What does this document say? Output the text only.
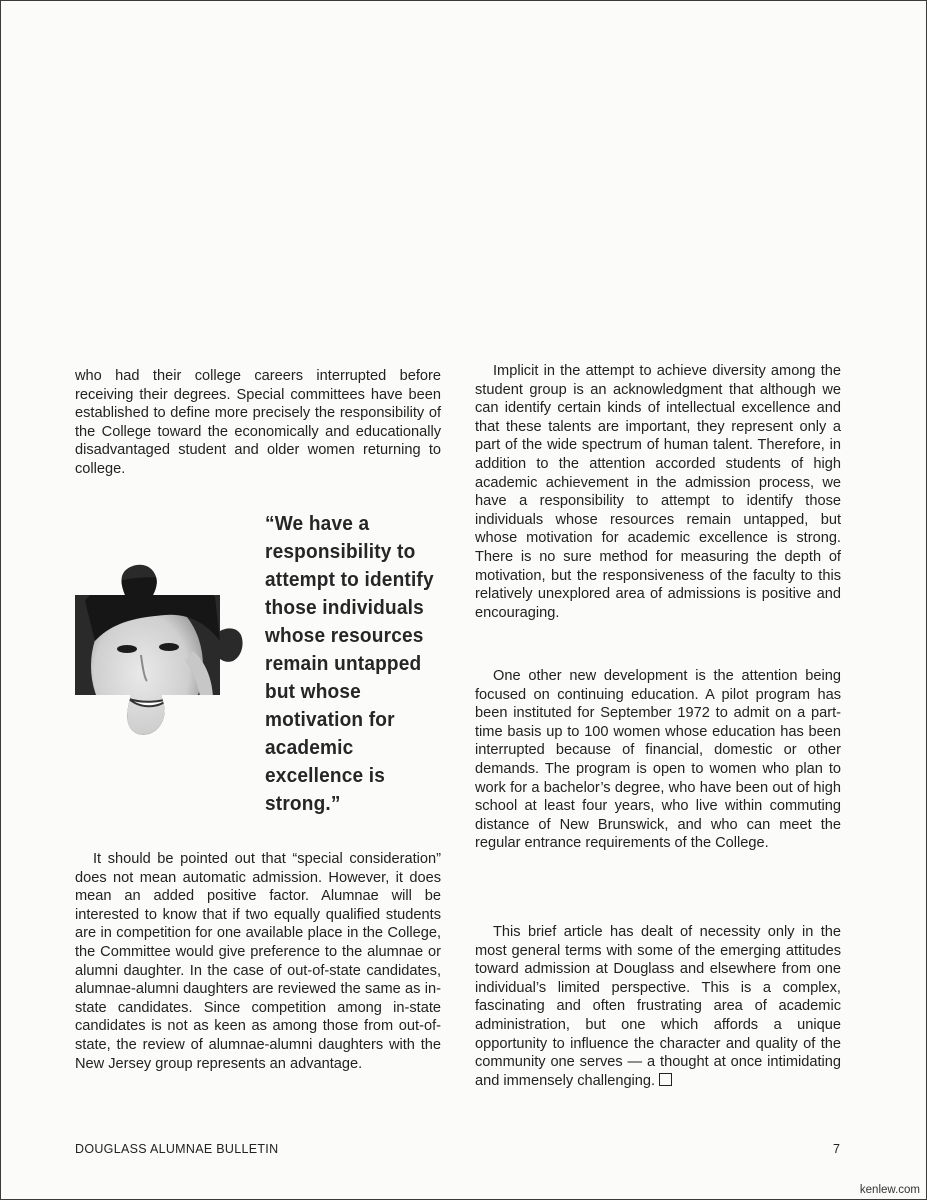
who had their college careers interrupted before receiving their degrees. Special committees have been established to define more precisely the responsibility of the College toward the economically and educationally disadvantaged student and older women returning to college.

“We have a responsibility to attempt to identify those individuals whose resources remain untapped but whose motivation for academic excellence is strong.”

It should be pointed out that “special consideration” does not mean automatic admission. However, it does mean an added positive factor. Alumnae will be interested to know that if two equally qualified students are in competition for one available place in the College, the Committee would give preference to the alumnae or alumni daughter. In the case of out-of-state candidates, alumnae-alumni daughters are reviewed the same as in-state candidates. Since competition among in-state candidates is not as keen as among those from out-of-state, the review of alumnae-alumni daughters with the New Jersey group represents an advantage.

Implicit in the attempt to achieve diversity among the student group is an acknowledgment that although we can identify certain kinds of intellectual excellence and that these talents are important, they represent only a part of the wide spectrum of human talent. Therefore, in addition to the attention accorded students of high academic achievement in the admission process, we have a responsibility to attempt to identify those individuals whose resources remain untapped, but whose motivation for academic excellence is strong. There is no sure method for measuring the depth of motivation, but the responsiveness of the faculty to this relatively unexplored area of admissions is positive and encouraging.

One other new development is the attention being focused on continuing education. A pilot program has been instituted for September 1972 to admit on a part-time basis up to 100 women whose education has been interrupted because of financial, domestic or other demands. The program is open to women who plan to work for a bachelor’s degree, who have been out of high school at least four years, who live within commuting distance of New Brunswick, and who can meet the regular entrance requirements of the College.

This brief article has dealt of necessity only in the most general terms with some of the emerging attitudes toward admission at Douglass and elsewhere from one individual’s limited perspective. This is a complex, fascinating and often frustrating area of academic administration, but one which affords a unique opportunity to influence the character and quality of the community one serves — a thought at once intimidating and immensely challenging.

DOUGLASS ALUMNAE BULLETIN	7
kenlew.com
